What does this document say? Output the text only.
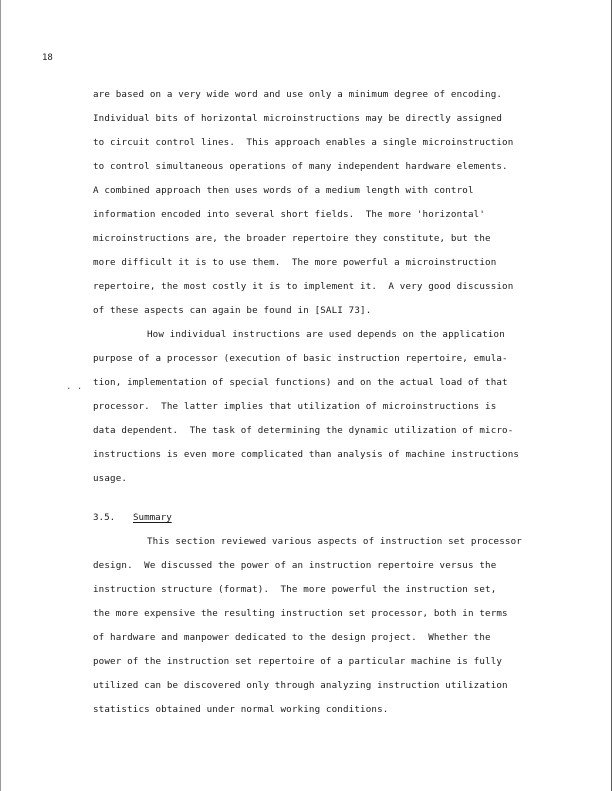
18
are based on a very wide word and use only a minimum degree of encoding.
Individual bits of horizontal microinstructions may be directly assigned
to circuit control lines.  This approach enables a single microinstruction
to control simultaneous operations of many independent hardware elements.
A combined approach then uses words of a medium length with control
information encoded into several short fields.  The more 'horizontal'
microinstructions are, the broader repertoire they constitute, but the
more difficult it is to use them.  The more powerful a microinstruction
repertoire, the most costly it is to implement it.  A very good discussion
of these aspects can again be found in [SALI 73].
How individual instructions are used depends on the application
purpose of a processor (execution of basic instruction repertoire, emula-
tion, implementation of special functions) and on the actual load of that
processor.  The latter implies that utilization of microinstructions is
data dependent.  The task of determining the dynamic utilization of micro-
instructions is even more complicated than analysis of machine instructions
usage.
. .
3.5. Summary
This section reviewed various aspects of instruction set processor
design.  We discussed the power of an instruction repertoire versus the
instruction structure (format).  The more powerful the instruction set,
the more expensive the resulting instruction set processor, both in terms
of hardware and manpower dedicated to the design project.  Whether the
power of the instruction set repertoire of a particular machine is fully
utilized can be discovered only through analyzing instruction utilization
statistics obtained under normal working conditions.
